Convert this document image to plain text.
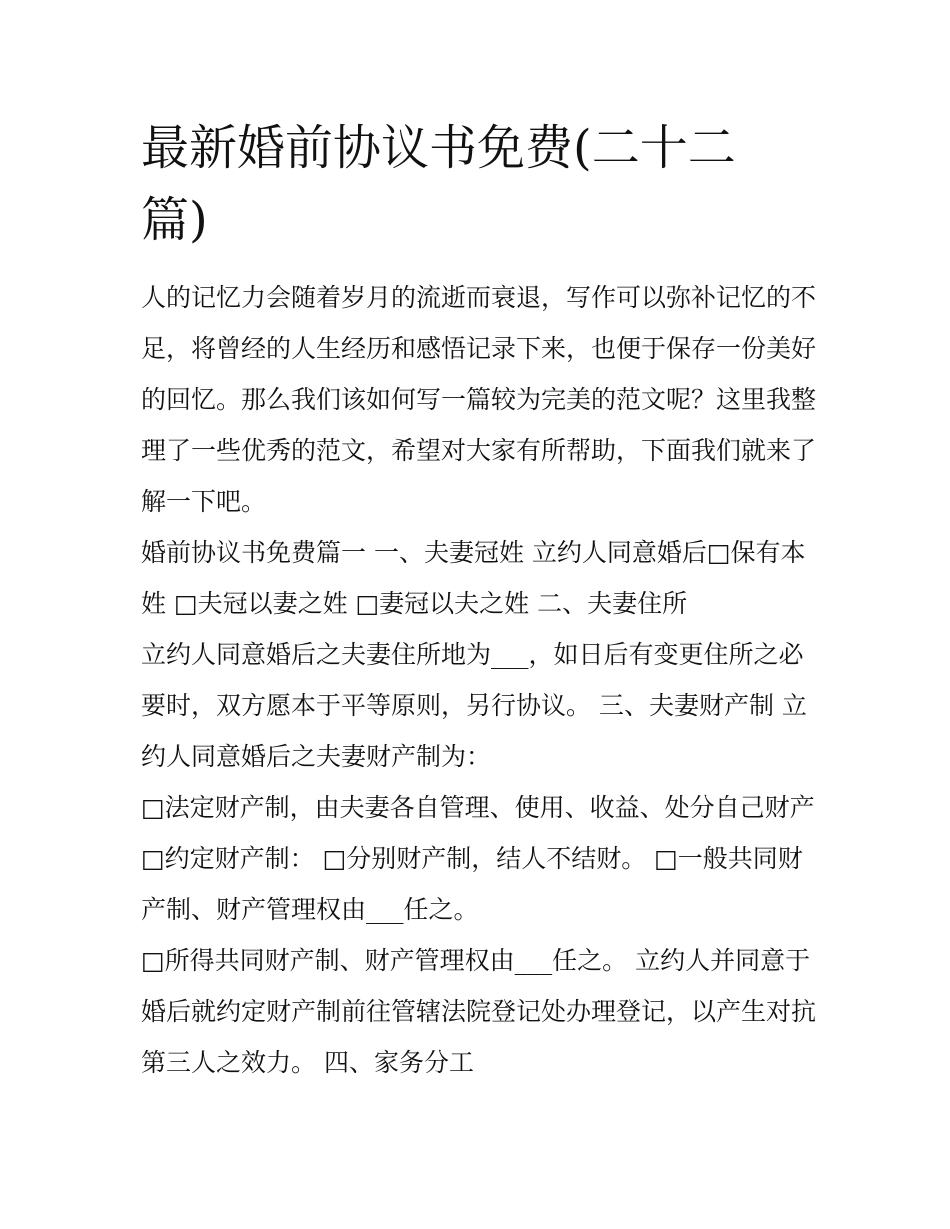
最新婚前协议书免费(二十二
篇)
人的记忆力会随着岁月的流逝而衰退，写作可以弥补记忆的不
足，将曾经的人生经历和感悟记录下来，也便于保存一份美好
的回忆。那么我们该如何写一篇较为完美的范文呢？这里我整
理了一些优秀的范文，希望对大家有所帮助，下面我们就来了
解一下吧。
婚前协议书免费篇一 一、夫妻冠姓 立约人同意婚后□保有本
姓 □夫冠以妻之姓 □妻冠以夫之姓 二、夫妻住所
立约人同意婚后之夫妻住所地为___，如日后有变更住所之必
要时，双方愿本于平等原则，另行协议。 三、夫妻财产制 立
约人同意婚后之夫妻财产制为：
□法定财产制，由夫妻各自管理、使用、收益、处分自己财产
□约定财产制： □分别财产制，结人不结财。 □一般共同财
产制、财产管理权由___任之。
□所得共同财产制、财产管理权由___任之。 立约人并同意于
婚后就约定财产制前往管辖法院登记处办理登记，以产生对抗
第三人之效力。 四、家务分工
